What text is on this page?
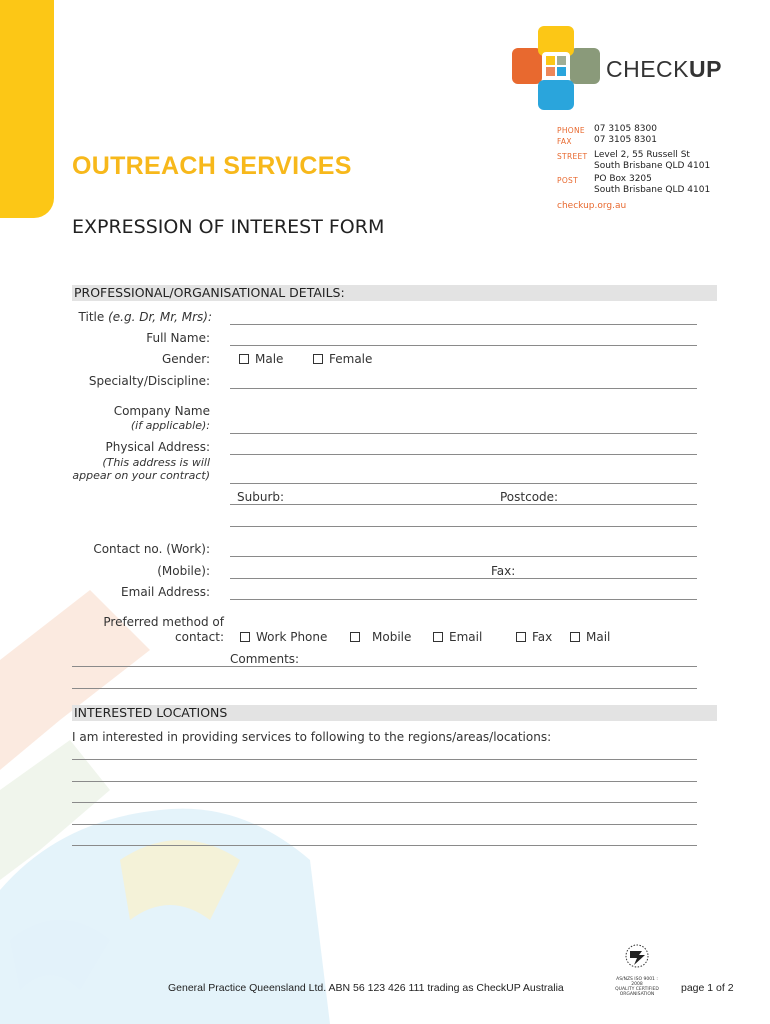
CHECKUP
PHONE 07 3105 8300
FAX 07 3105 8301
STREET Level 2, 55 Russell St
South Brisbane QLD 4101
POST PO Box 3205
South Brisbane QLD 4101
checkup.org.au
OUTREACH SERVICES
EXPRESSION OF INTEREST FORM
PROFESSIONAL/ORGANISATIONAL DETAILS:
Title (e.g. Dr, Mr, Mrs):
Full Name:
Gender:	Male	Female
Specialty/Discipline:
Company Name
(if applicable):
Physical Address:
(This address is will
appear on your contract)
Suburb:	Postcode:
Contact no. (Work):
(Mobile):	Fax:
Email Address:
Preferred method of
contact:	Work Phone	Mobile	Email	Fax	Mail
Comments:
INTERESTED LOCATIONS
I am interested in providing services to following to the regions/areas/locations:
AS/NZS ISO 9001 : 2008
QUALITY CERTIFIED
ORGANISATION
General Practice Queensland Ltd. ABN 56 123 426 111 trading as CheckUP Australia	page 1 of 2
